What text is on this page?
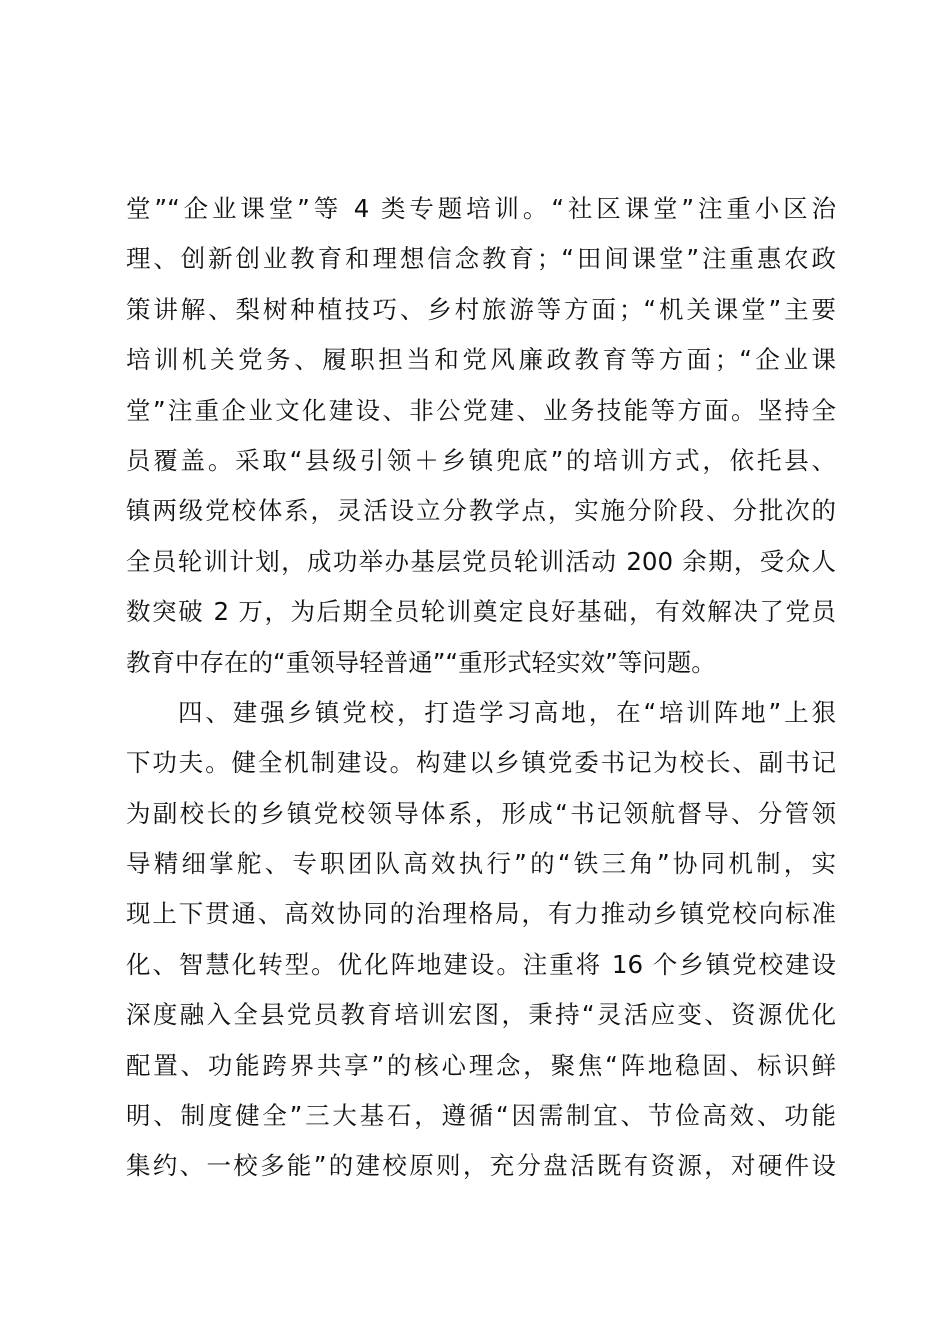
堂”“企业课堂”等 4 类专题培训。“社区课堂”注重小区治
理、创新创业教育和理想信念教育；“田间课堂”注重惠农政
策讲解、梨树种植技巧、乡村旅游等方面；“机关课堂”主要
培训机关党务、履职担当和党风廉政教育等方面；“企业课
堂”注重企业文化建设、非公党建、业务技能等方面。坚持全
员覆盖。采取“县级引领＋乡镇兜底”的培训方式，依托县、
镇两级党校体系，灵活设立分教学点，实施分阶段、分批次的
全员轮训计划，成功举办基层党员轮训活动 200 余期，受众人
数突破 2 万，为后期全员轮训奠定良好基础，有效解决了党员
教育中存在的“重领导轻普通”“重形式轻实效”等问题。
四、建强乡镇党校，打造学习高地，在“培训阵地”上狠
下功夫。健全机制建设。构建以乡镇党委书记为校长、副书记
为副校长的乡镇党校领导体系，形成“书记领航督导、分管领
导精细掌舵、专职团队高效执行”的“铁三角”协同机制，实
现上下贯通、高效协同的治理格局，有力推动乡镇党校向标准
化、智慧化转型。优化阵地建设。注重将 16 个乡镇党校建设
深度融入全县党员教育培训宏图，秉持“灵活应变、资源优化
配置、功能跨界共享”的核心理念，聚焦“阵地稳固、标识鲜
明、制度健全”三大基石，遵循“因需制宜、节俭高效、功能
集约、一校多能”的建校原则，充分盘活既有资源，对硬件设
